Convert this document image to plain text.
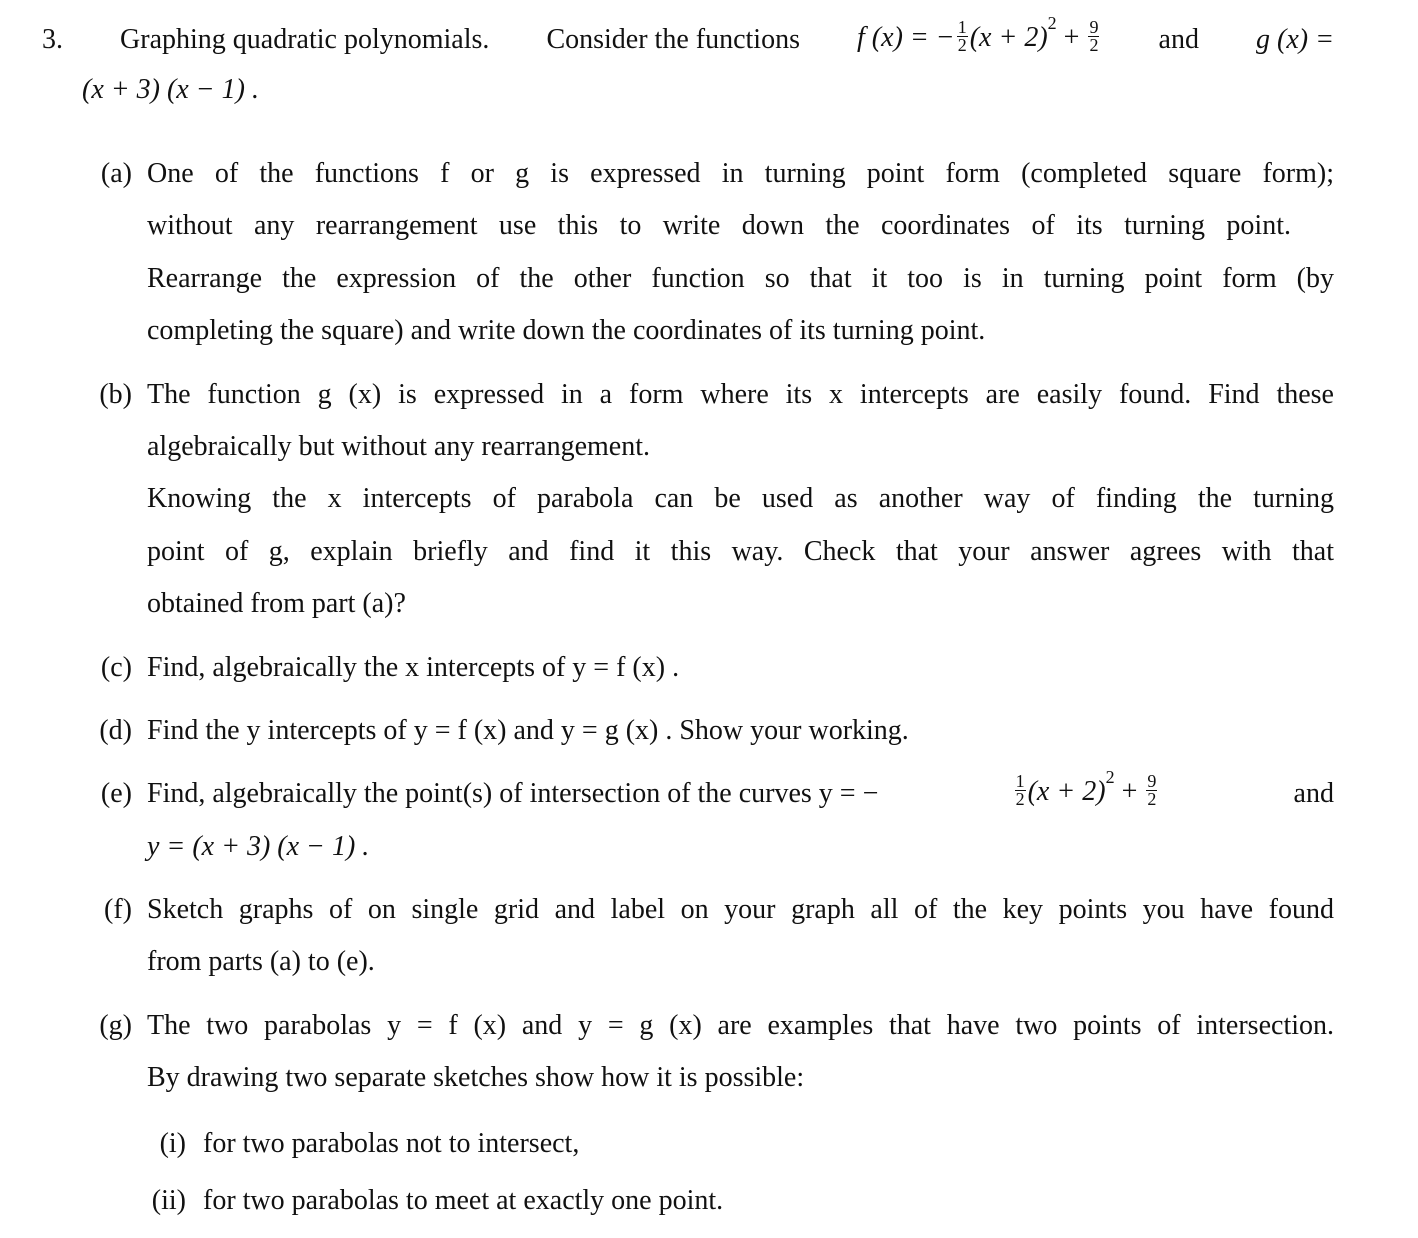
3. Graphing quadratic polynomials. Consider the functions f (x) = − $\frac{1}{2} (x + 2)^2 + \frac{9}{2}$ and g (x) =
(x + 3) (x − 1) .
(a) One of the functions f or g is expressed in turning point form (completed square form);
without any rearrangement use this to write down the coordinates of its turning point.
Rearrange the expression of the other function so that it too is in turning point form (by
completing the square) and write down the coordinates of its turning point.
(b) The function g (x) is expressed in a form where its x intercepts are easily found. Find these
algebraically but without any rearrangement.
Knowing the x intercepts of parabola can be used as another way of finding the turning
point of g, explain briefly and find it this way. Check that your answer agrees with that
obtained from part (a)?
(c) Find, algebraically the x intercepts of y = f (x) .
(d) Find the y intercepts of y = f (x) and y = g (x) . Show your working.
(e) Find, algebraically the point(s) of intersection of the curves y = −	$\frac{1}{2} (x + 2)^2 + \frac{9}{2}$	and
y = (x + 3) (x − 1) .
(f) Sketch graphs of on single grid and label on your graph all of the key points you have found
from parts (a) to (e).
(g) The two parabolas y = f (x) and y = g (x) are examples that have two points of intersection.
By drawing two separate sketches show how it is possible:
(i) for two parabolas not to intersect,
(ii) for two parabolas to meet at exactly one point.
